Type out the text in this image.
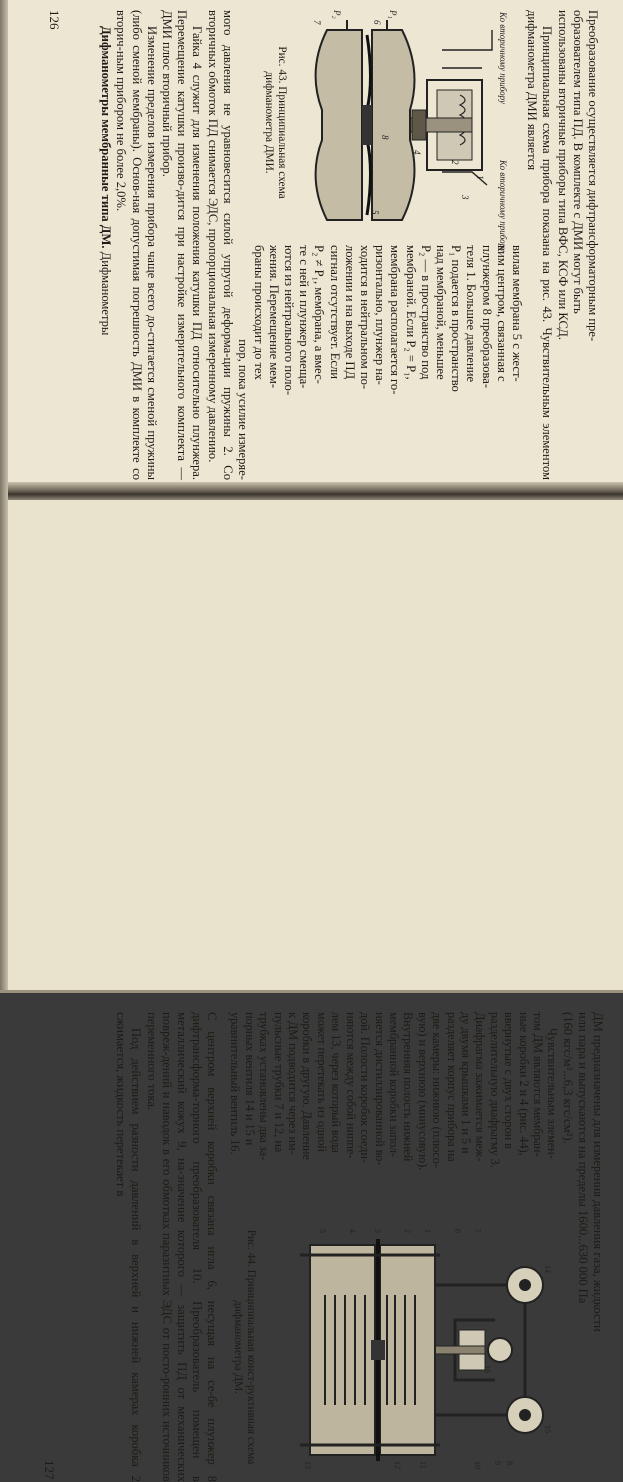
Преобразование осуществляется дифтрансформаторным пре-
образователем типа ПД. В комплекте с ДМИ могут быть
использованы вторичные приборы типа ВФС, КСФ или КСД.

Принципиальная схема прибора показана на рис. 43. Чувствительным элементом дифманометра ДМИ является

Ко вторичному прибору
Ко вторичному прибору
P₁
P₂
1
2
3
4
5
6
7
8
Рис. 43. Принципиальная схема дифманометра ДМИ.
вилая мембрана 5 с жест-
ким центром, связанная с
плунжером 8 преобразова-
теля 1. Большее давление
P₁ подается в пространство
над мембраной, меньшее
P₂ — в пространство под
мембраной. Если P₂ = P₁,
мембрана располагается го-
ризонтально, плунжер на-
ходится в нейтральном по-
ложении и на выходе ПД
сигнал отсутствует. Если
P₂ ≠ P₁, мембрана, а вмес-
те с ней и плунжер смеща-
ются из нейтрального поло-
жения. Перемещение мем-
браны происходит до тех
пор, пока усилие измеряе-
мого давления не уравновесится силой упругой деформа-ции пружины 2. Со вторичных обмоток ПД снимается ЭДС, пропорциональная измеренному давлению.

Гайка 4 служит для изменения положения катушки ПД относительно плунжера. Перемещение катушки произво-дится при настройке измерительного комплекта — ДМИ плюс вторичный прибор.

Изменение пределов измерения прибора чаще всего до-стигается сменой пружины (либо сменой мембраны). Основ-ная допустимая погрешность ДМИ в комплекте со вторич-ным прибором не более 2,0%.

Дифманометры мембранные типа ДМ. Дифманометры

126
ДМ предназначены для измерения давления газа, жидкости
или пара и выпускаются на пределы 1600...630 000 Па
(160 кгс/м²...6,3 кгс/см²).
Чувствительным элемен-
том ДМ являются мембран-
ные коробки 2 и 4 (рис. 44),
ввернутые с двух сторон в
разделительную диафрагму 3.
Диафрагма зажимается меж-
ду двумя крышками 1 и 5 и
разделяет корпус прибора на
две камеры: нижнюю (плюсо-
вую) и верхнюю (минусовую).
Внутренняя полость нижней
мембранной коробки запол-
няется дистиллированной во-
дой. Полости коробок соеди-
няются между собой ниппе-
лем 13, через который вода
может перетекать из одной
коробки в другую. Давление
к ДМ подводится через им-
пульсные трубки 7 и 12, на
трубках установлены два за-
порных вентиля 14 и 15 и
уравнительный вентиль 16.
9
10	8
11
12
13
1
2
3
4
5	6 7
14
15
16
Рис. 44. Принципиальная конст-руктивная схема дифманометра ДМ.
С центром верхней коробки связана игла 6, несущая на се-бе плунжер 8 дифтрансформа-торного преобразователя 10. Преобразователь помещен в металлический кожух 9, на-значение которого — защитить ПД от механических повреж-дений и наводок в его обмотках паразитных ЭДС от посто-ронних источников переменного тока.

Под действием разности давлений в верхней и нижней камерах коробка 2 сжимается, жидкость перетекает в

127
